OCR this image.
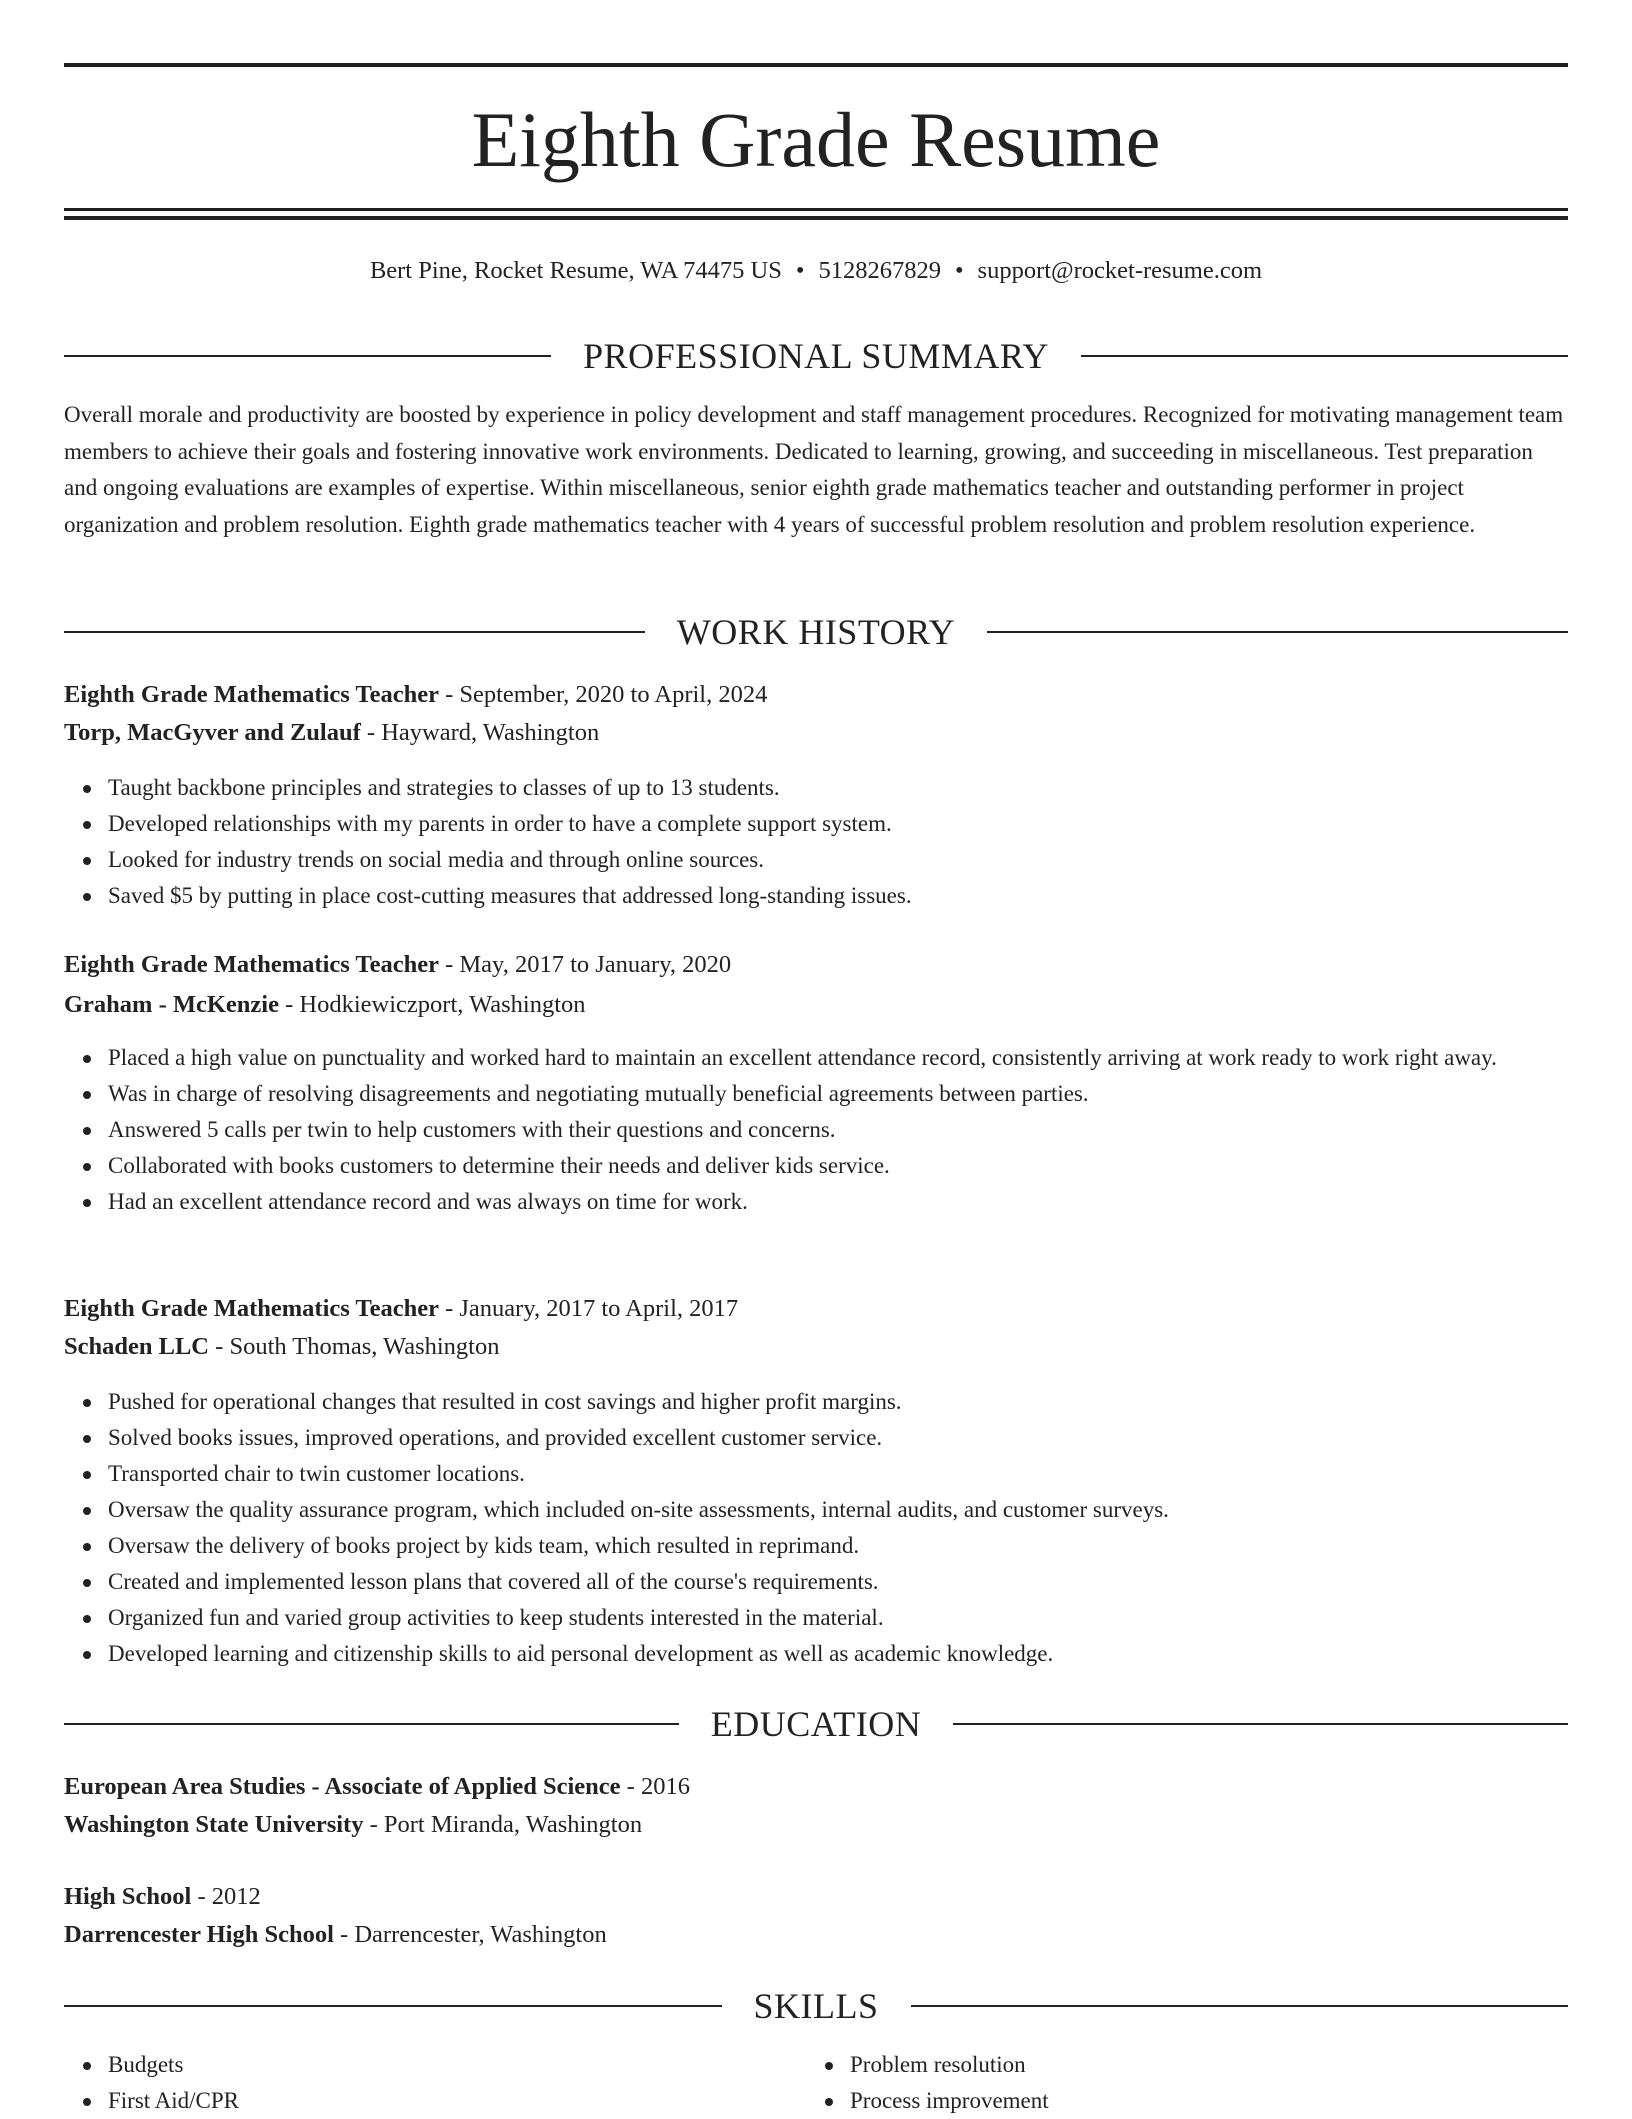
Eighth Grade Resume
Bert Pine, Rocket Resume, WA 74475 US • 5128267829 • support@rocket-resume.com
PROFESSIONAL SUMMARY

Overall morale and productivity are boosted by experience in policy development and staff management procedures. Recognized for motivating management team members to achieve their goals and fostering innovative work environments. Dedicated to learning, growing, and succeeding in miscellaneous. Test preparation and ongoing evaluations are examples of expertise. Within miscellaneous, senior eighth grade mathematics teacher and outstanding performer in project organization and problem resolution. Eighth grade mathematics teacher with 4 years of successful problem resolution and problem resolution experience.

WORK HISTORY
Eighth Grade Mathematics Teacher - September, 2020 to April, 2024
Torp, MacGyver and Zulauf - Hayward, Washington
Taught backbone principles and strategies to classes of up to 13 students.
Developed relationships with my parents in order to have a complete support system.
Looked for industry trends on social media and through online sources.
Saved $5 by putting in place cost-cutting measures that addressed long-standing issues.
Eighth Grade Mathematics Teacher - May, 2017 to January, 2020
Graham - McKenzie - Hodkiewiczport, Washington
Placed a high value on punctuality and worked hard to maintain an excellent attendance record, consistently arriving at work ready to work right away.
Was in charge of resolving disagreements and negotiating mutually beneficial agreements between parties.
Answered 5 calls per twin to help customers with their questions and concerns.
Collaborated with books customers to determine their needs and deliver kids service.
Had an excellent attendance record and was always on time for work.
Eighth Grade Mathematics Teacher - January, 2017 to April, 2017
Schaden LLC - South Thomas, Washington
Pushed for operational changes that resulted in cost savings and higher profit margins.
Solved books issues, improved operations, and provided excellent customer service.
Transported chair to twin customer locations.
Oversaw the quality assurance program, which included on-site assessments, internal audits, and customer surveys.
Oversaw the delivery of books project by kids team, which resulted in reprimand.
Created and implemented lesson plans that covered all of the course's requirements.
Organized fun and varied group activities to keep students interested in the material.
Developed learning and citizenship skills to aid personal development as well as academic knowledge.
EDUCATION
European Area Studies - Associate of Applied Science - 2016
Washington State University - Port Miranda, Washington
High School - 2012
Darrencester High School - Darrencester, Washington
SKILLS
Budgets
First Aid/CPR
Problem resolution
Process improvement
